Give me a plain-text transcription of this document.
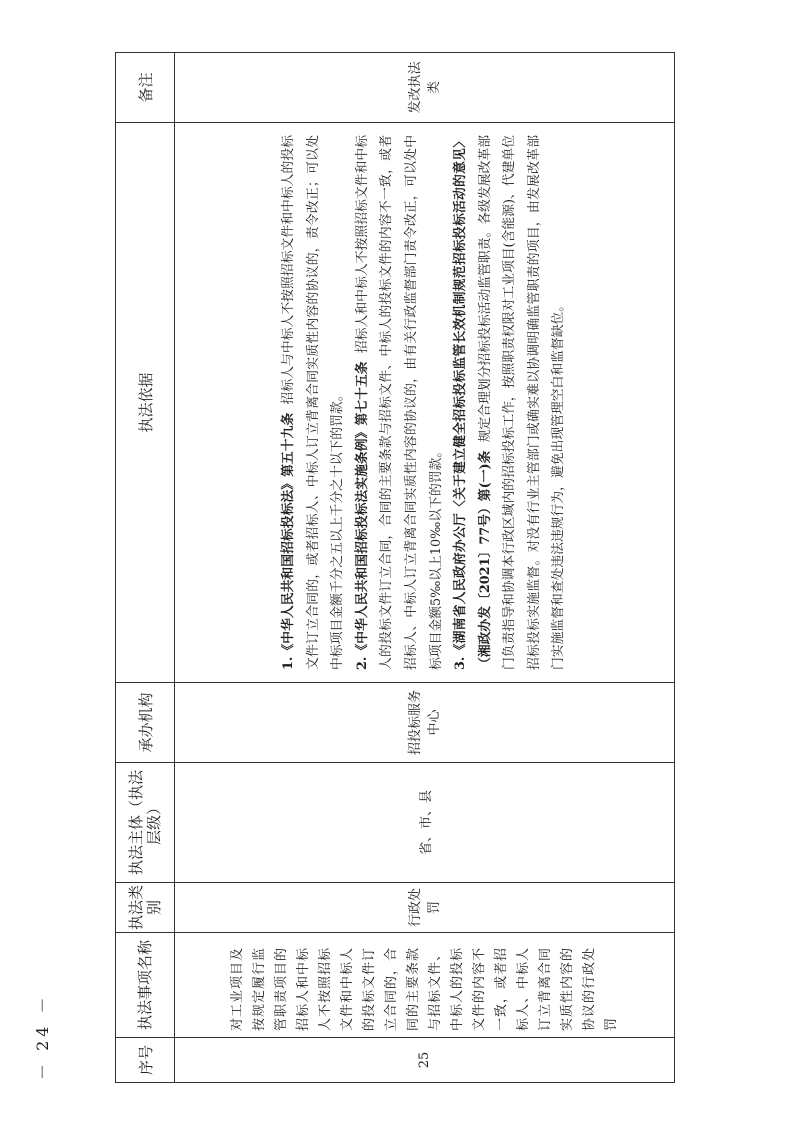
序号	执法事项名称	执法类别	执法主体（执法层级）	承办机构	执法依据	备注
25	对工业项目及按规定履行监管职责项目的招标人和中标人不按照招标文件和中标人的投标文件订立合同的，合同的主要条款与招标文件、中标人的投标文件的内容不一致，或者招标人、中标人订立背离合同实质性内容的协议的行政处罚	行政处罚	省、市、县	招投标服务中心	1.《中华人民共和国招标投标法》第五十九条  招标人与中标人不按照招标文件和中标人的投标文件订立合同的，或者招标人、中标人订立背离合同实质性内容的协议的，责令改正；可以处中标项目金额千分之五以上千分之十以下的罚款。 2.《中华人民共和国招标投标法实施条例》第七十五条  招标人和中标人不按照招标文件和中标人的投标文件订立合同，合同的主要条款与招标文件、中标人的投标文件的内容不一致，或者招标人、中标人订立背离合同实质性内容的协议的，由有关行政监督部门责令改正，可以处中标项目金额5‰以上10‰以下的罚款。 3.《湖南省人民政府办公厅〈关于建立健全招标投标监管长效机制规范招标投标活动的意见〉（湘政办发〔2021〕77号）第(一)条  规定合理划分招标投标活动监管职责。各级发展改革部门负责指导和协调本行政区域内的招标投标工作，按照职责权限对工业项目(含能源)、代建单位招标投标实施监督。对没有行业主管部门或确实难以协调明确监管职责的项目，由发展改革部门实施监督和查处违法违规行为，避免出现管理空白和监督缺位。	发改执法类
－ 24 －
